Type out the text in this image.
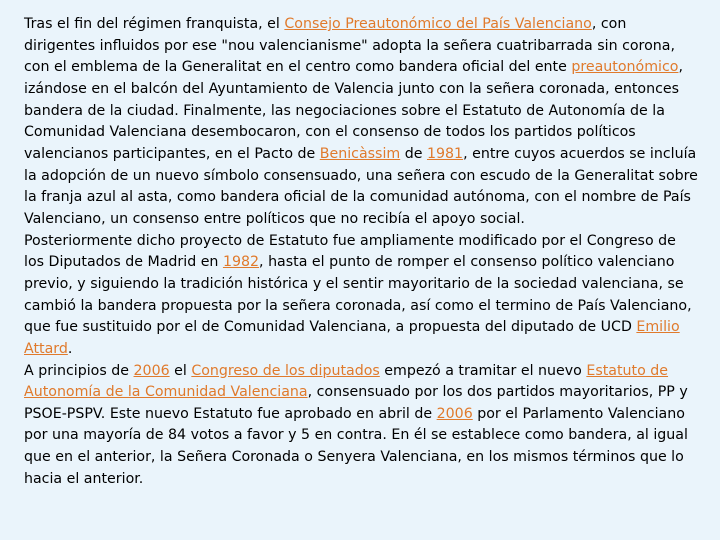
Tras el fin del régimen franquista, el Consejo Preautonómico del País Valenciano, con dirigentes influidos por ese "nou valencianisme" adopta la señera cuatribarrada sin corona, con el emblema de la Generalitat en el centro como bandera oficial del ente preautonómico, izándose en el balcón del Ayuntamiento de Valencia junto con la señera coronada, entonces bandera de la ciudad. Finalmente, las negociaciones sobre el Estatuto de Autonomía de la Comunidad Valenciana desembocaron, con el consenso de todos los partidos políticos valencianos participantes, en el Pacto de Benicàssim de 1981, entre cuyos acuerdos se incluía la adopción de un nuevo símbolo consensuado, una señera con escudo de la Generalitat sobre la franja azul al asta, como bandera oficial de la comunidad autónoma, con el nombre de País Valenciano, un consenso entre políticos que no recibía el apoyo social.

Posteriormente dicho proyecto de Estatuto fue ampliamente modificado por el Congreso de los Diputados de Madrid en 1982, hasta el punto de romper el consenso político valenciano previo, y siguiendo la tradición histórica y el sentir mayoritario de la sociedad valenciana, se cambió la bandera propuesta por la señera coronada, así como el termino de País Valenciano, que fue sustituido por el de Comunidad Valenciana, a propuesta del diputado de UCD Emilio Attard.

A principios de 2006 el Congreso de los diputados empezó a tramitar el nuevo Estatuto de Autonomía de la Comunidad Valenciana, consensuado por los dos partidos mayoritarios, PP y PSOE-PSPV. Este nuevo Estatuto fue aprobado en abril de 2006 por el Parlamento Valenciano por una mayoría de 84 votos a favor y 5 en contra. En él se establece como bandera, al igual que en el anterior, la Señera Coronada o Senyera Valenciana, en los mismos términos que lo hacia el anterior.
